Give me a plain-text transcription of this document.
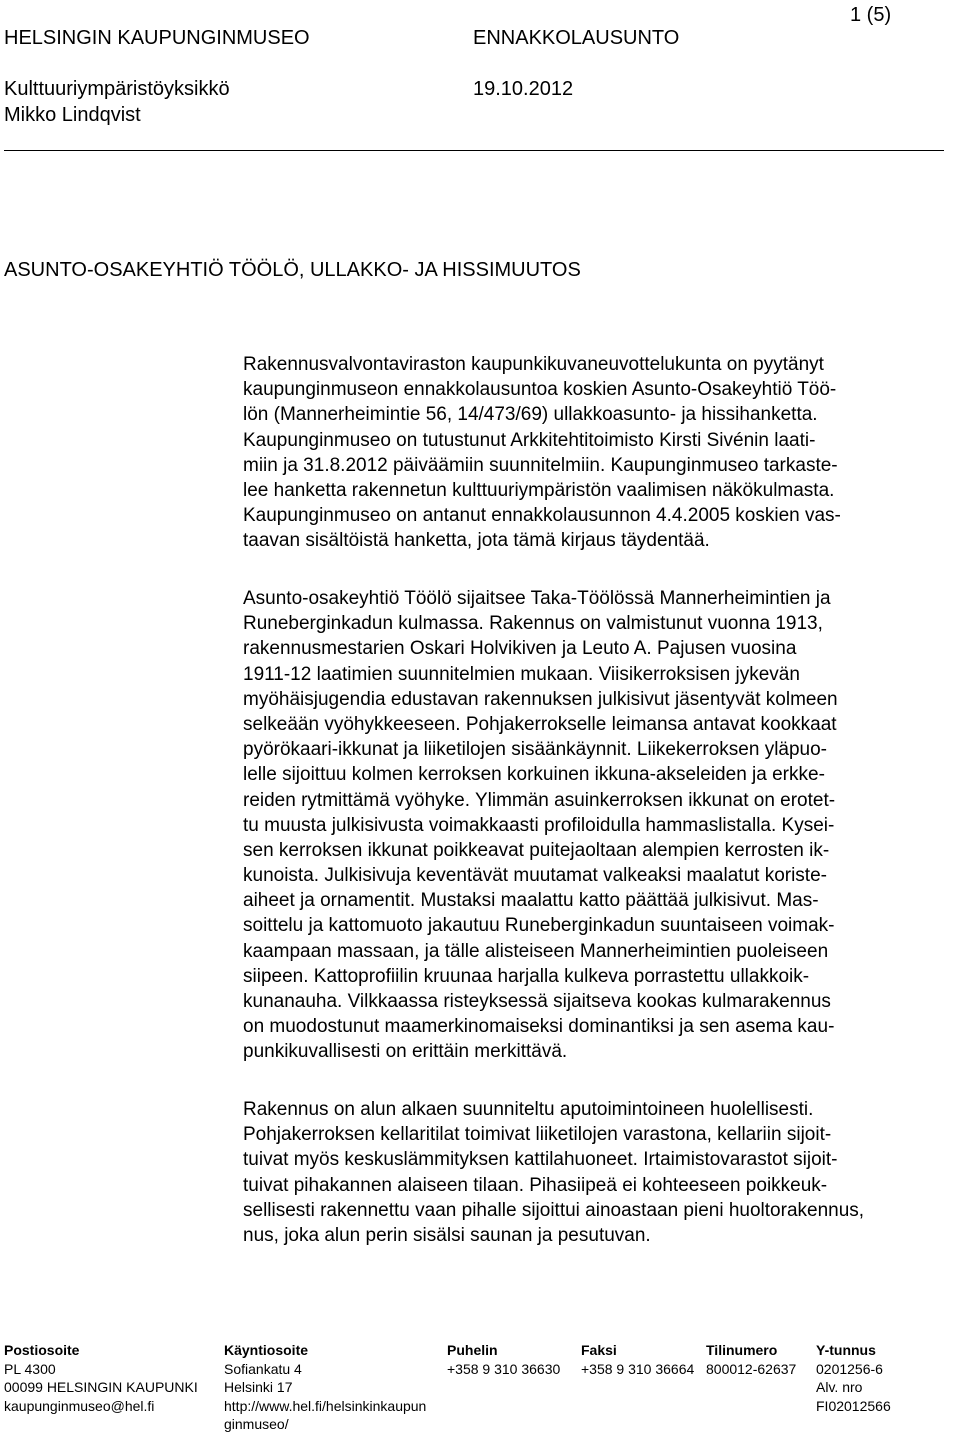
HELSINGIN KAUPUNGINMUSEO	ENNAKKOLAUSUNTO
1 (5)
Kulttuuriympäristöyksikkö	19.10.2012
Mikko Lindqvist
ASUNTO-OSAKEYHTIÖ TÖÖLÖ, ULLAKKO- JA HISSIMUUTOS
Rakennusvalvontaviraston kaupunkikuvaneuvottelukunta on pyytänyt
kaupunginmuseon ennakkolausuntoa koskien Asunto-Osakeyhtiö Töö-
lön (Mannerheimintie 56, 14/473/69) ullakkoasunto- ja hissihanketta.
Kaupunginmuseo on tutustunut Arkkitehtitoimisto Kirsti Sivénin laati-
miin ja 31.8.2012 päiväämiin suunnitelmiin. Kaupunginmuseo tarkaste-
lee hanketta rakennetun kulttuuriympäristön vaalimisen näkökulmasta.
Kaupunginmuseo on antanut ennakkolausunnon 4.4.2005 koskien vas-
taavan sisältöistä hanketta, jota tämä kirjaus täydentää.
Asunto-osakeyhtiö Töölö sijaitsee Taka-Töölössä Mannerheimintien ja
Runeberginkadun kulmassa. Rakennus on valmistunut vuonna 1913,
rakennusmestarien Oskari Holvikiven ja Leuto A. Pajusen vuosina
1911-12 laatimien suunnitelmien mukaan. Viisikerroksisen jykevän
myöhäisjugendia edustavan rakennuksen julkisivut jäsentyvät kolmeen
selkeään vyöhykkeeseen. Pohjakerrokselle leimansa antavat kookkaat
pyörökaari-ikkunat ja liiketilojen sisäänkäynnit. Liikekerroksen yläpuo-
lelle sijoittuu kolmen kerroksen korkuinen ikkuna-akseleiden ja erkke-
reiden rytmittämä vyöhyke. Ylimmän asuinkerroksen ikkunat on erotet-
tu muusta julkisivusta voimakkaasti profiloidulla hammaslistalla. Kysei-
sen kerroksen ikkunat poikkeavat puitejaoltaan alempien kerrosten ik-
kunoista. Julkisivuja keventävät muutamat valkeaksi maalatut koriste-
aiheet ja ornamentit. Mustaksi maalattu katto päättää julkisivut. Mas-
soittelu ja kattomuoto jakautuu Runeberginkadun suuntaiseen voimak-
kaampaan massaan, ja tälle alisteiseen Mannerheimintien puoleiseen
siipeen. Kattoprofiilin kruunaa harjalla kulkeva porrastettu ullakkoik-
kunanauha. Vilkkaassa risteyksessä sijaitseva kookas kulmarakennus
on muodostunut maamerkinomaiseksi dominantiksi ja sen asema kau-
punkikuvallisesti on erittäin merkittävä.
Rakennus on alun alkaen suunniteltu aputoimintoineen huolellisesti.
Pohjakerroksen kellaritilat toimivat liiketilojen varastona, kellariin sijoit-
tuivat myös keskuslämmityksen kattilahuoneet. Irtaimistovarastot sijoit-
tuivat pihakannen alaiseen tilaan. Pihasiipeä ei kohteeseen poikkeuk-
sellisesti rakennettu vaan pihalle sijoittui ainoastaan pieni huoltorakennus,
nus, joka alun perin sisälsi saunan ja pesutuvan.
Postiosoite
PL 4300
00099 HELSINGIN KAUPUNKI
kaupunginmuseo@hel.fi
Käyntiosoite
Sofiankatu 4
Helsinki 17
http://www.hel.fi/helsinkinkaupun
ginmuseo/
Puhelin
+358 9 310 36630
Faksi
+358 9 310 36664
Tilinumero
800012-62637
Y-tunnus
0201256-6
Alv. nro
FI02012566
